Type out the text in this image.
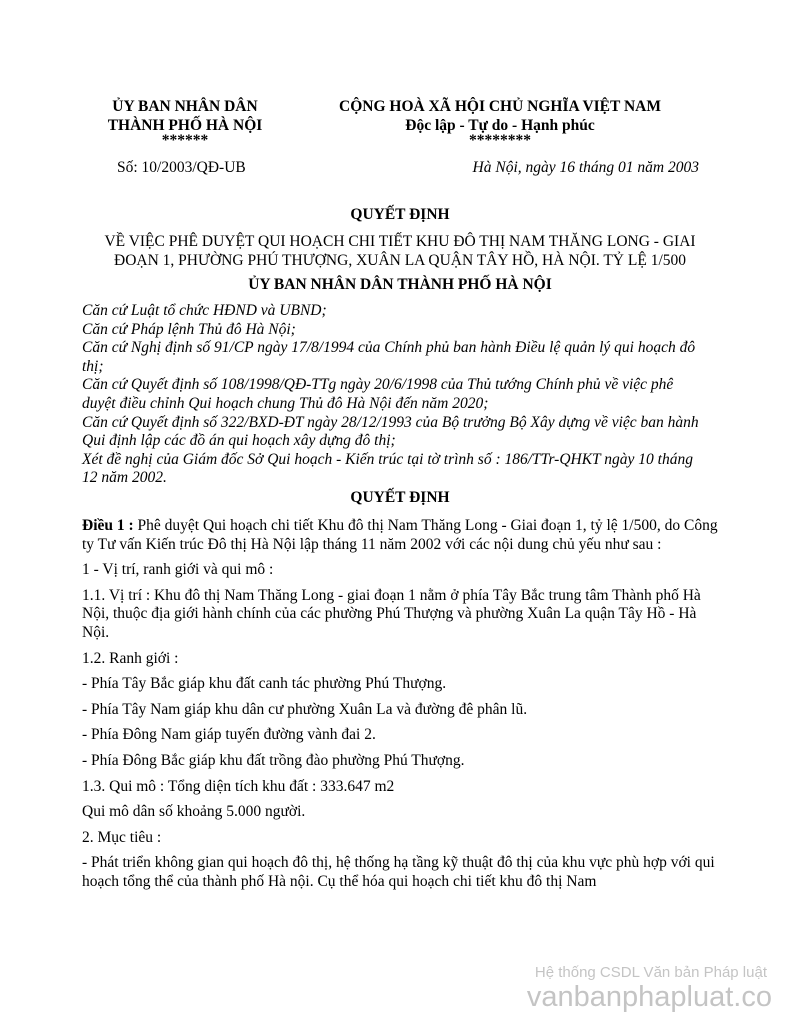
ỦY BAN NHÂN DÂN
THÀNH PHỐ HÀ NỘI
******
CỘNG HOÀ XÃ HỘI CHỦ NGHĨA VIỆT NAM
Độc lập - Tự do - Hạnh phúc
********
Số: 10/2003/QĐ-UB	Hà Nội, ngày 16 tháng 01 năm 2003
QUYẾT ĐỊNH
VỀ VIỆC PHÊ DUYỆT QUI HOẠCH CHI TIẾT KHU ĐÔ THỊ NAM THĂNG LONG - GIAI
ĐOẠN 1, PHƯỜNG PHÚ THƯỢNG, XUÂN LA QUẬN TÂY HỒ, HÀ NỘI. TỶ LỆ 1/500
ỦY BAN NHÂN DÂN THÀNH PHỐ HÀ NỘI
Căn cứ Luật tổ chức HĐND và UBND;
Căn cứ Pháp lệnh Thủ đô Hà Nội;
Căn cứ Nghị định số 91/CP ngày 17/8/1994 của Chính phủ ban hành Điều lệ quản lý qui hoạch đô thị;
Căn cứ Quyết định số 108/1998/QĐ-TTg ngày 20/6/1998 của Thủ tướng Chính phủ về việc phê duyệt điều chỉnh Qui hoạch chung Thủ đô Hà Nội đến năm 2020;
Căn cứ Quyết định số 322/BXD-ĐT ngày 28/12/1993 của Bộ trưởng Bộ Xây dựng về việc ban hành Qui định lập các đồ án qui hoạch xây dựng đô thị;
Xét đề nghị của Giám đốc Sở Qui hoạch - Kiến trúc tại tờ trình số : 186/TTr-QHKT ngày 10 tháng 12 năm 2002.
QUYẾT ĐỊNH

Điều 1 : Phê duyệt Qui hoạch chi tiết Khu đô thị Nam Thăng Long - Giai đoạn 1, tỷ lệ 1/500, do Công ty Tư vấn Kiến trúc Đô thị Hà Nội lập tháng 11 năm 2002 với các nội dung chủ yếu như sau :

1 - Vị trí, ranh giới và qui mô :

1.1. Vị trí : Khu đô thị Nam Thăng Long - giai đoạn 1 nằm ở phía Tây Bắc trung tâm Thành phố Hà Nội, thuộc địa giới hành chính của các phường Phú Thượng và phường Xuân La quận Tây Hồ - Hà Nội.

1.2. Ranh giới :

- Phía Tây Bắc giáp khu đất canh tác phường Phú Thượng.

- Phía Tây Nam giáp khu dân cư phường Xuân La và đường đê phân lũ.

- Phía Đông Nam giáp tuyến đường vành đai 2.

- Phía Đông Bắc giáp khu đất trồng đào phường Phú Thượng.

1.3. Qui mô : Tổng diện tích khu đất : 333.647 m2

Qui mô dân số khoảng 5.000 người.

2. Mục tiêu :

- Phát triển không gian qui hoạch đô thị, hệ thống hạ tầng kỹ thuật đô thị của khu vực phù hợp với qui hoạch tổng thể của thành phố Hà nội. Cụ thể hóa qui hoạch chi tiết khu đô thị Nam

Hệ thống CSDL Văn bản Pháp luật
vanbanphapluat.co
